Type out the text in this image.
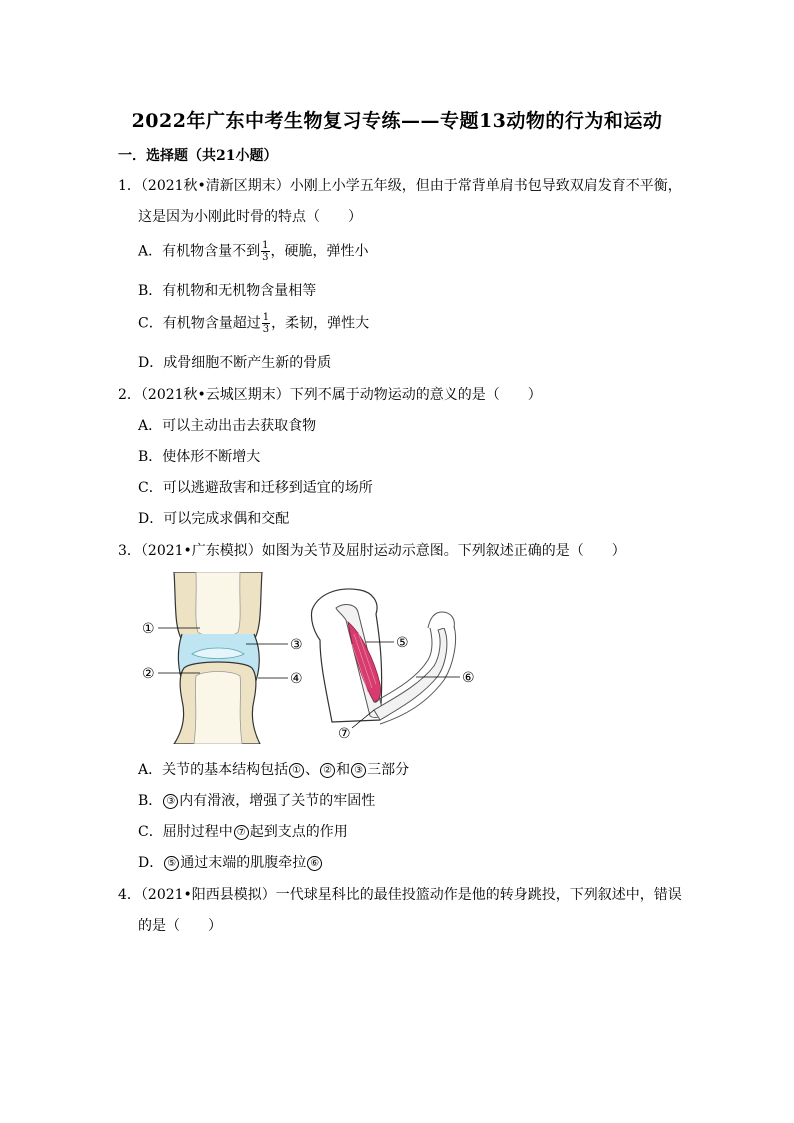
2022年广东中考生物复习专练——专题13动物的行为和运动
一．选择题（共21小题）
1．（2021秋•清新区期末）小刚上小学五年级，但由于常背单肩书包导致双肩发育不平衡，
这是因为小刚此时骨的特点（　　）
A．有机物含量不到 $\frac{1}{3}$ ，硬脆，弹性小
B．有机物和无机物含量相等
C．有机物含量超过 $\frac{1}{3}$ ，柔韧，弹性大
D．成骨细胞不断产生新的骨质
2．（2021秋•云城区期末）下列不属于动物运动的意义的是（　　）
A．可以主动出击去获取食物
B．使体形不断增大
C．可以逃避敌害和迁移到适宜的场所
D．可以完成求偶和交配
3．（2021•广东模拟）如图为关节及屈肘运动示意图。下列叙述正确的是（　　）
①
②
③
④
⑤
⑥
⑦
A．关节的基本结构包括 ① 、 ② 和 ③ 三部分
B． ③ 内有滑液，增强了关节的牢固性
C．屈肘过程中 ⑦ 起到支点的作用
D． ⑤ 通过末端的肌腹牵拉 ⑥
4．（2021•阳西县模拟）一代球星科比的最佳投篮动作是他的转身跳投，下列叙述中，错误
的是（　　）
